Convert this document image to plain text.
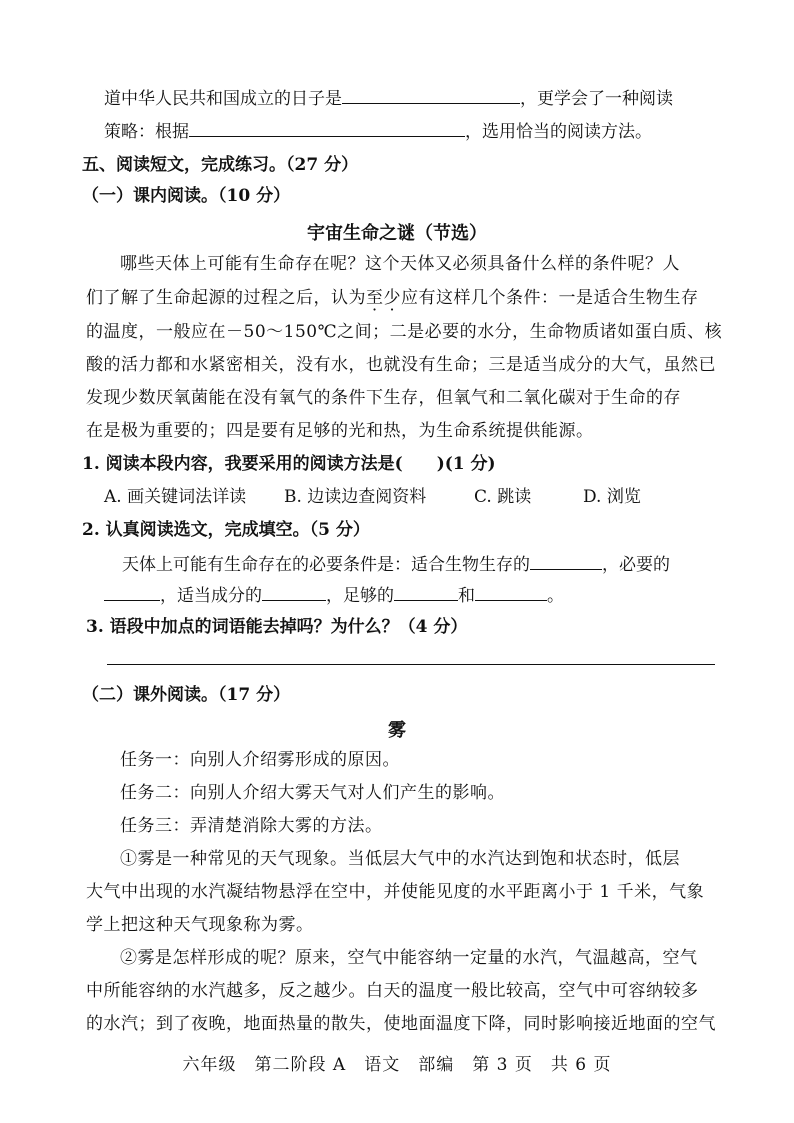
道中华人民共和国成立的日子是	，更学会了一种阅读
策略：根据	，选用恰当的阅读方法。
五、阅读短文，完成练习。（27 分）
（一）课内阅读。（10 分）
宇宙生命之谜（节选）
哪些天体上可能有生命存在呢？这个天体又必须具备什么样的条件呢？人
们了解了生命起源的过程之后，认为至少应有这样几个条件：一是适合生物生存
的温度，一般应在－50～150℃之间；二是必要的水分，生命物质诸如蛋白质、核
酸的活力都和水紧密相关，没有水，也就没有生命；三是适当成分的大气，虽然已
发现少数厌氧菌能在没有氧气的条件下生存，但氧气和二氧化碳对于生命的存
在是极为重要的；四是要有足够的光和热，为生命系统提供能源。
1. 阅读本段内容，我要采用的阅读方法是(　　)(1 分)
A. 画关键词法详读 B. 边读边查阅资料	C. 跳读	D. 浏览
2. 认真阅读选文，完成填空。（5 分）
天体上可能有生命存在的必要条件是：适合生物生存的	，必要的
，适当成分的	，足够的	和	。
3. 语段中加点的词语能去掉吗？为什么？（4 分）
（二）课外阅读。（17 分）
雾
任务一：向别人介绍雾形成的原因。
任务二：向别人介绍大雾天气对人们产生的影响。
任务三：弄清楚消除大雾的方法。
①雾是一种常见的天气现象。当低层大气中的水汽达到饱和状态时，低层
大气中出现的水汽凝结物悬浮在空中，并使能见度的水平距离小于 1 千米，气象
学上把这种天气现象称为雾。
②雾是怎样形成的呢？原来，空气中能容纳一定量的水汽，气温越高，空气
中所能容纳的水汽越多，反之越少。白天的温度一般比较高，空气中可容纳较多
的水汽；到了夜晚，地面热量的散失，使地面温度下降，同时影响接近地面的空气
六年级　第二阶段 A　语文　部编　第 3 页　共 6 页
